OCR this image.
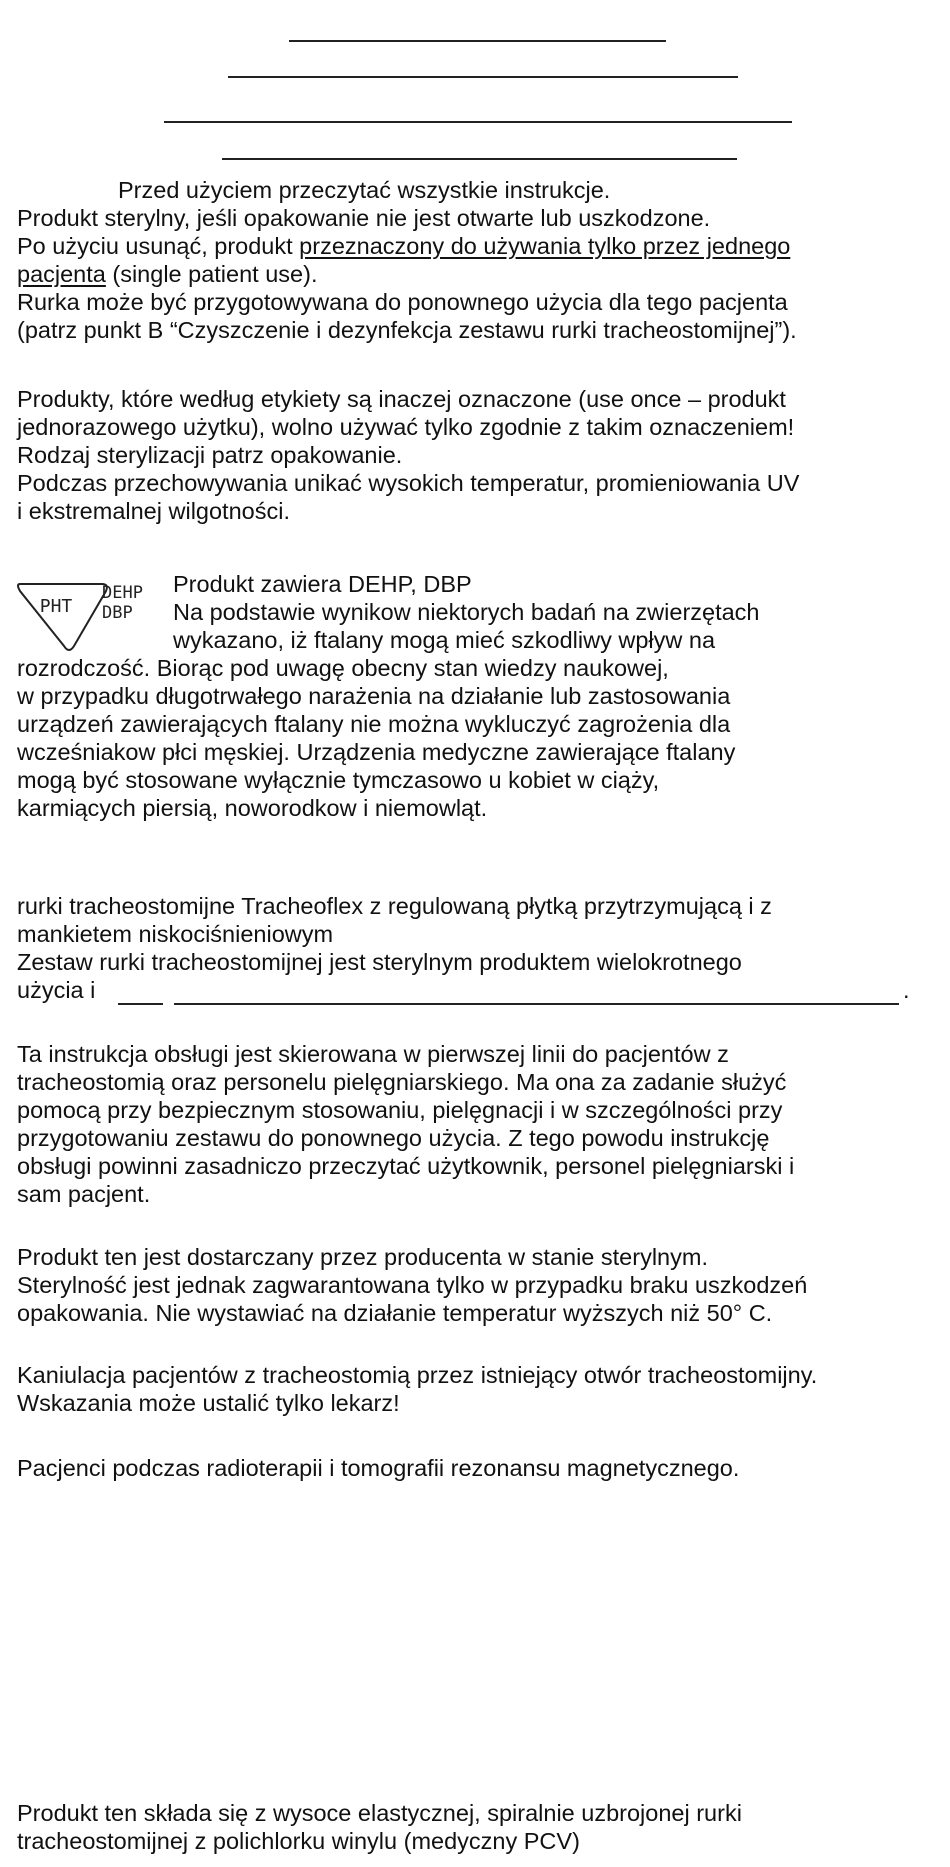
Przed użyciem przeczytać wszystkie instrukcje.
Produkt sterylny, jeśli opakowanie nie jest otwarte lub uszkodzone.
Po użyciu usunąć, produkt przeznaczony do używania tylko przez jednego
pacjenta (single patient use).
Rurka może być przygotowywana do ponownego użycia dla tego pacjenta
(patrz punkt B “Czyszczenie i dezynfekcja zestawu rurki tracheostomijnej”).
Produkty, które według etykiety są inaczej oznaczone (use once – produkt
jednorazowego użytku), wolno używać tylko zgodnie z takim oznaczeniem!
Rodzaj sterylizacji patrz opakowanie.
Podczas przechowywania unikać wysokich temperatur, promieniowania UV
i ekstremalnej wilgotności.
PHT
DEHP
DBP
Produkt zawiera DEHP, DBP
Na podstawie wynikow niektorych badań na zwierzętach
wykazano, iż ftalany mogą mieć szkodliwy wpływ na
rozrodczość. Biorąc pod uwagę obecny stan wiedzy naukowej,
w przypadku długotrwałego narażenia na działanie lub zastosowania
urządzeń zawierających ftalany nie można wykluczyć zagrożenia dla
wcześniakow płci męskiej. Urządzenia medyczne zawierające ftalany
mogą być stosowane wyłącznie tymczasowo u kobiet w ciąży,
karmiących piersią, noworodkow i niemowląt.
rurki tracheostomijne Tracheoflex z regulowaną płytką przytrzymującą i z
mankietem niskociśnieniowym
Zestaw rurki tracheostomijnej jest sterylnym produktem wielokrotnego
użycia i	.
Ta instrukcja obsługi jest skierowana w pierwszej linii do pacjentów z
tracheostomią oraz personelu pielęgniarskiego. Ma ona za zadanie służyć
pomocą przy bezpiecznym stosowaniu, pielęgnacji i w szczególności przy
przygotowaniu zestawu do ponownego użycia. Z tego powodu instrukcję
obsługi powinni zasadniczo przeczytać użytkownik, personel pielęgniarski i
sam pacjent.
Produkt ten jest dostarczany przez producenta w stanie sterylnym.
Sterylność jest jednak zagwarantowana tylko w przypadku braku uszkodzeń
opakowania. Nie wystawiać na działanie temperatur wyższych niż 50° C.
Kaniulacja pacjentów z tracheostomią przez istniejący otwór tracheostomijny.
Wskazania może ustalić tylko lekarz!
Pacjenci podczas radioterapii i tomografii rezonansu magnetycznego.
Produkt ten składa się z wysoce elastycznej, spiralnie uzbrojonej rurki
tracheostomijnej z polichlorku winylu (medyczny PCV)
